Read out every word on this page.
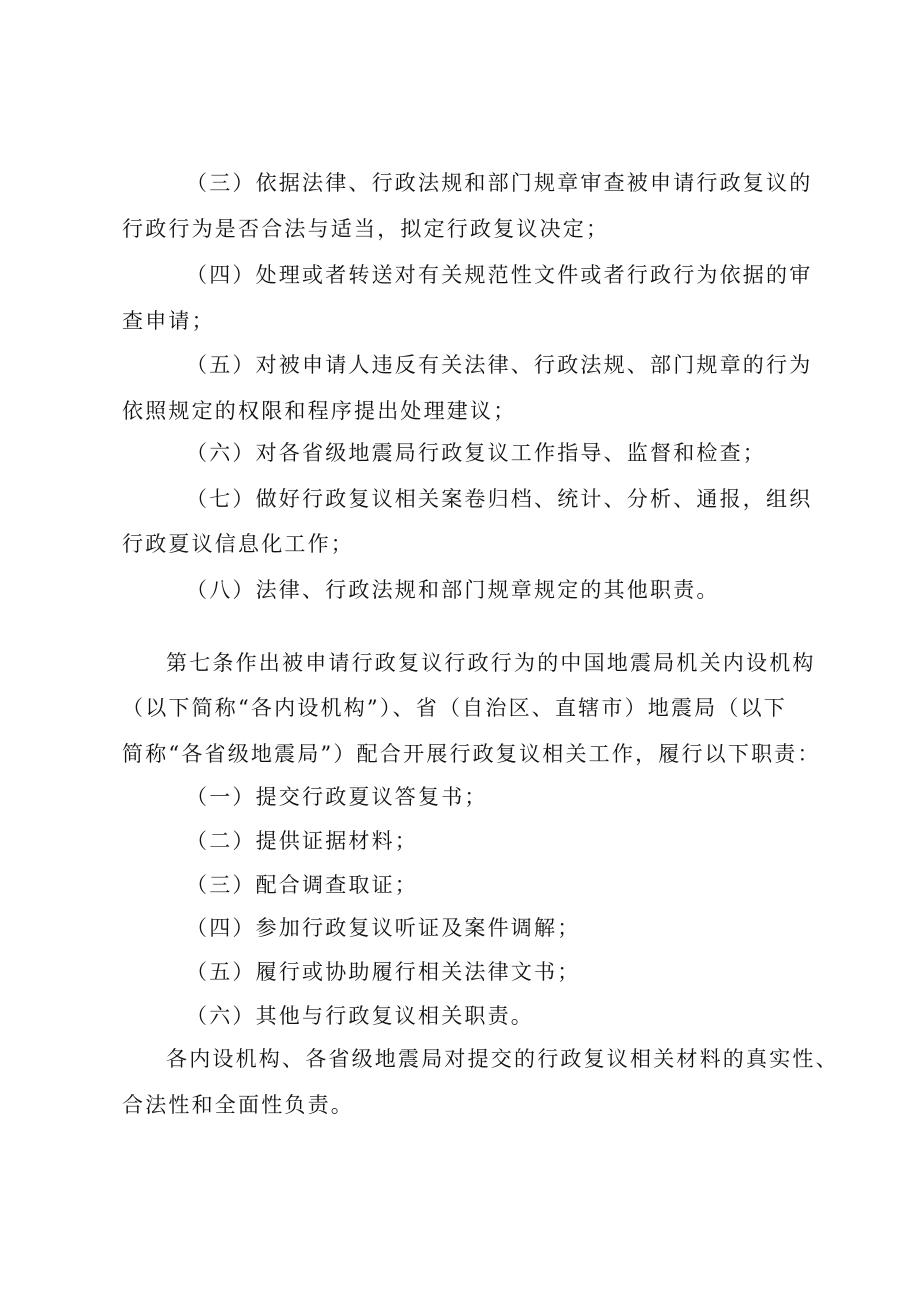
（三）依据法律、行政法规和部门规章审查被申请行政复议的
行政行为是否合法与适当，拟定行政复议决定；
（四）处理或者转送对有关规范性文件或者行政行为依据的审
查申请；
（五）对被申请人违反有关法律、行政法规、部门规章的行为
依照规定的权限和程序提出处理建议；
（六）对各省级地震局行政复议工作指导、监督和检查；
（七）做好行政复议相关案卷归档、统计、分析、通报，组织
行政夏议信息化工作；
（八）法律、行政法规和部门规章规定的其他职责。
第七条作出被申请行政复议行政行为的中国地震局机关内设机构
（以下简称“各内设机构”）、省（自治区、直辖市）地震局（以下
简称“各省级地震局”）配合开展行政复议相关工作，履行以下职责：
（一）提交行政夏议答复书；
（二）提供证据材料；
（三）配合调查取证；
（四）参加行政复议听证及案件调解；
（五）履行或协助履行相关法律文书；
（六）其他与行政复议相关职责。
各内设机构、各省级地震局对提交的行政复议相关材料的真实性、
合法性和全面性负责。
